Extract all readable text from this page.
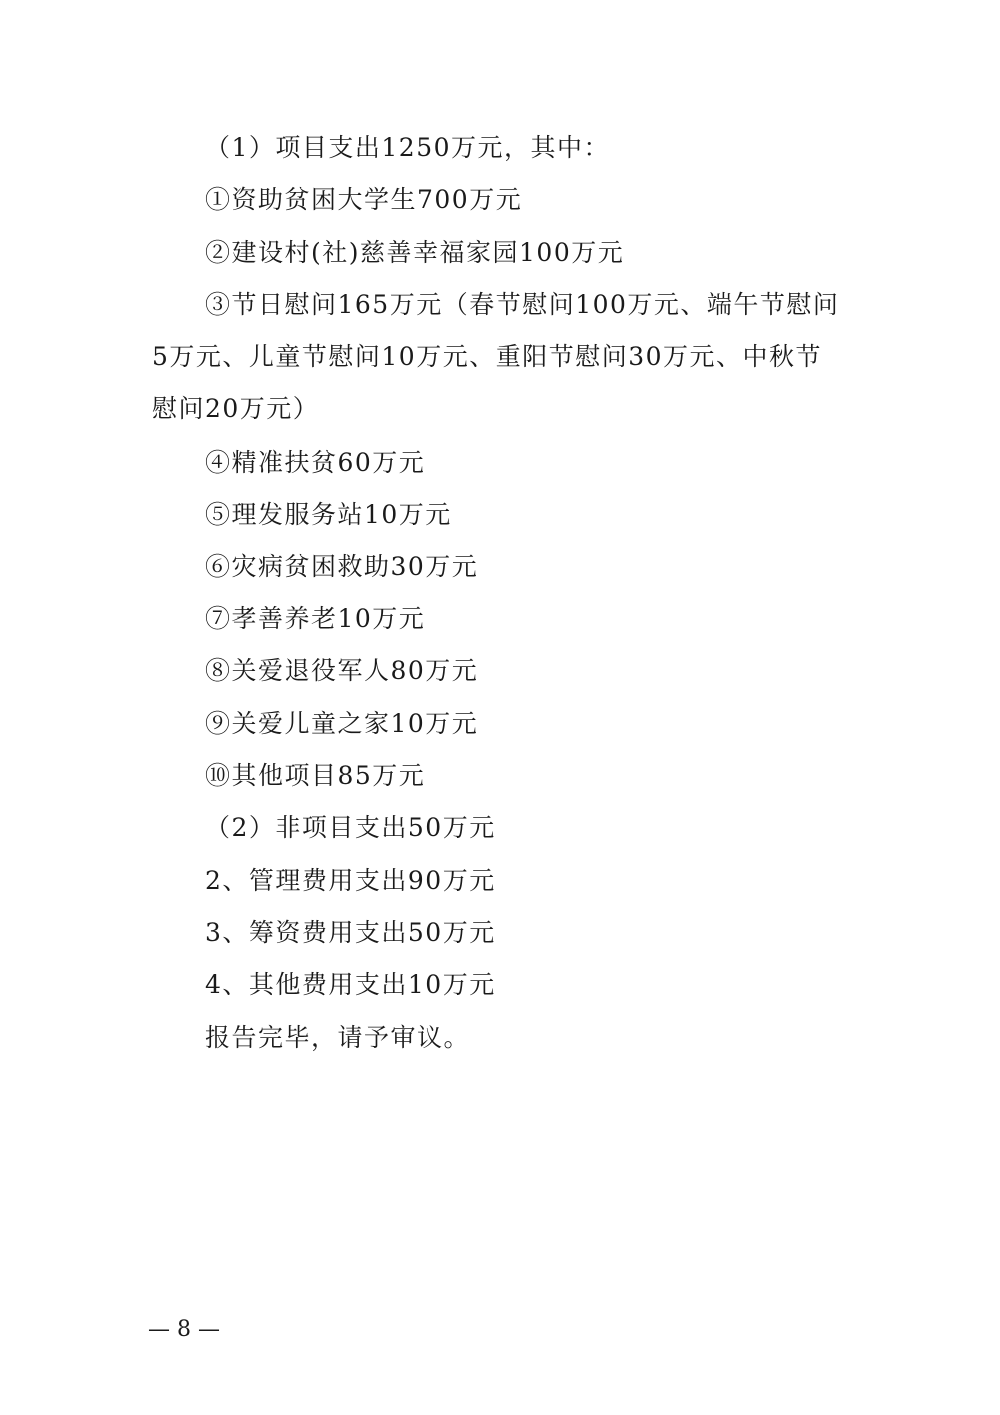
（1）项目支出1250万元，其中：
①资助贫困大学生700万元
②建设村(社)慈善幸福家园100万元
③节日慰问165万元（春节慰问100万元、端午节慰问
5万元、儿童节慰问10万元、重阳节慰问30万元、中秋节
慰问20万元）
④精准扶贫60万元
⑤理发服务站10万元
⑥灾病贫困救助30万元
⑦孝善养老10万元
⑧关爱退役军人80万元
⑨关爱儿童之家10万元
⑩其他项目85万元
（2）非项目支出50万元
2、管理费用支出90万元
3、筹资费用支出50万元
4、其他费用支出10万元
报告完毕，请予审议。
— 8 —
